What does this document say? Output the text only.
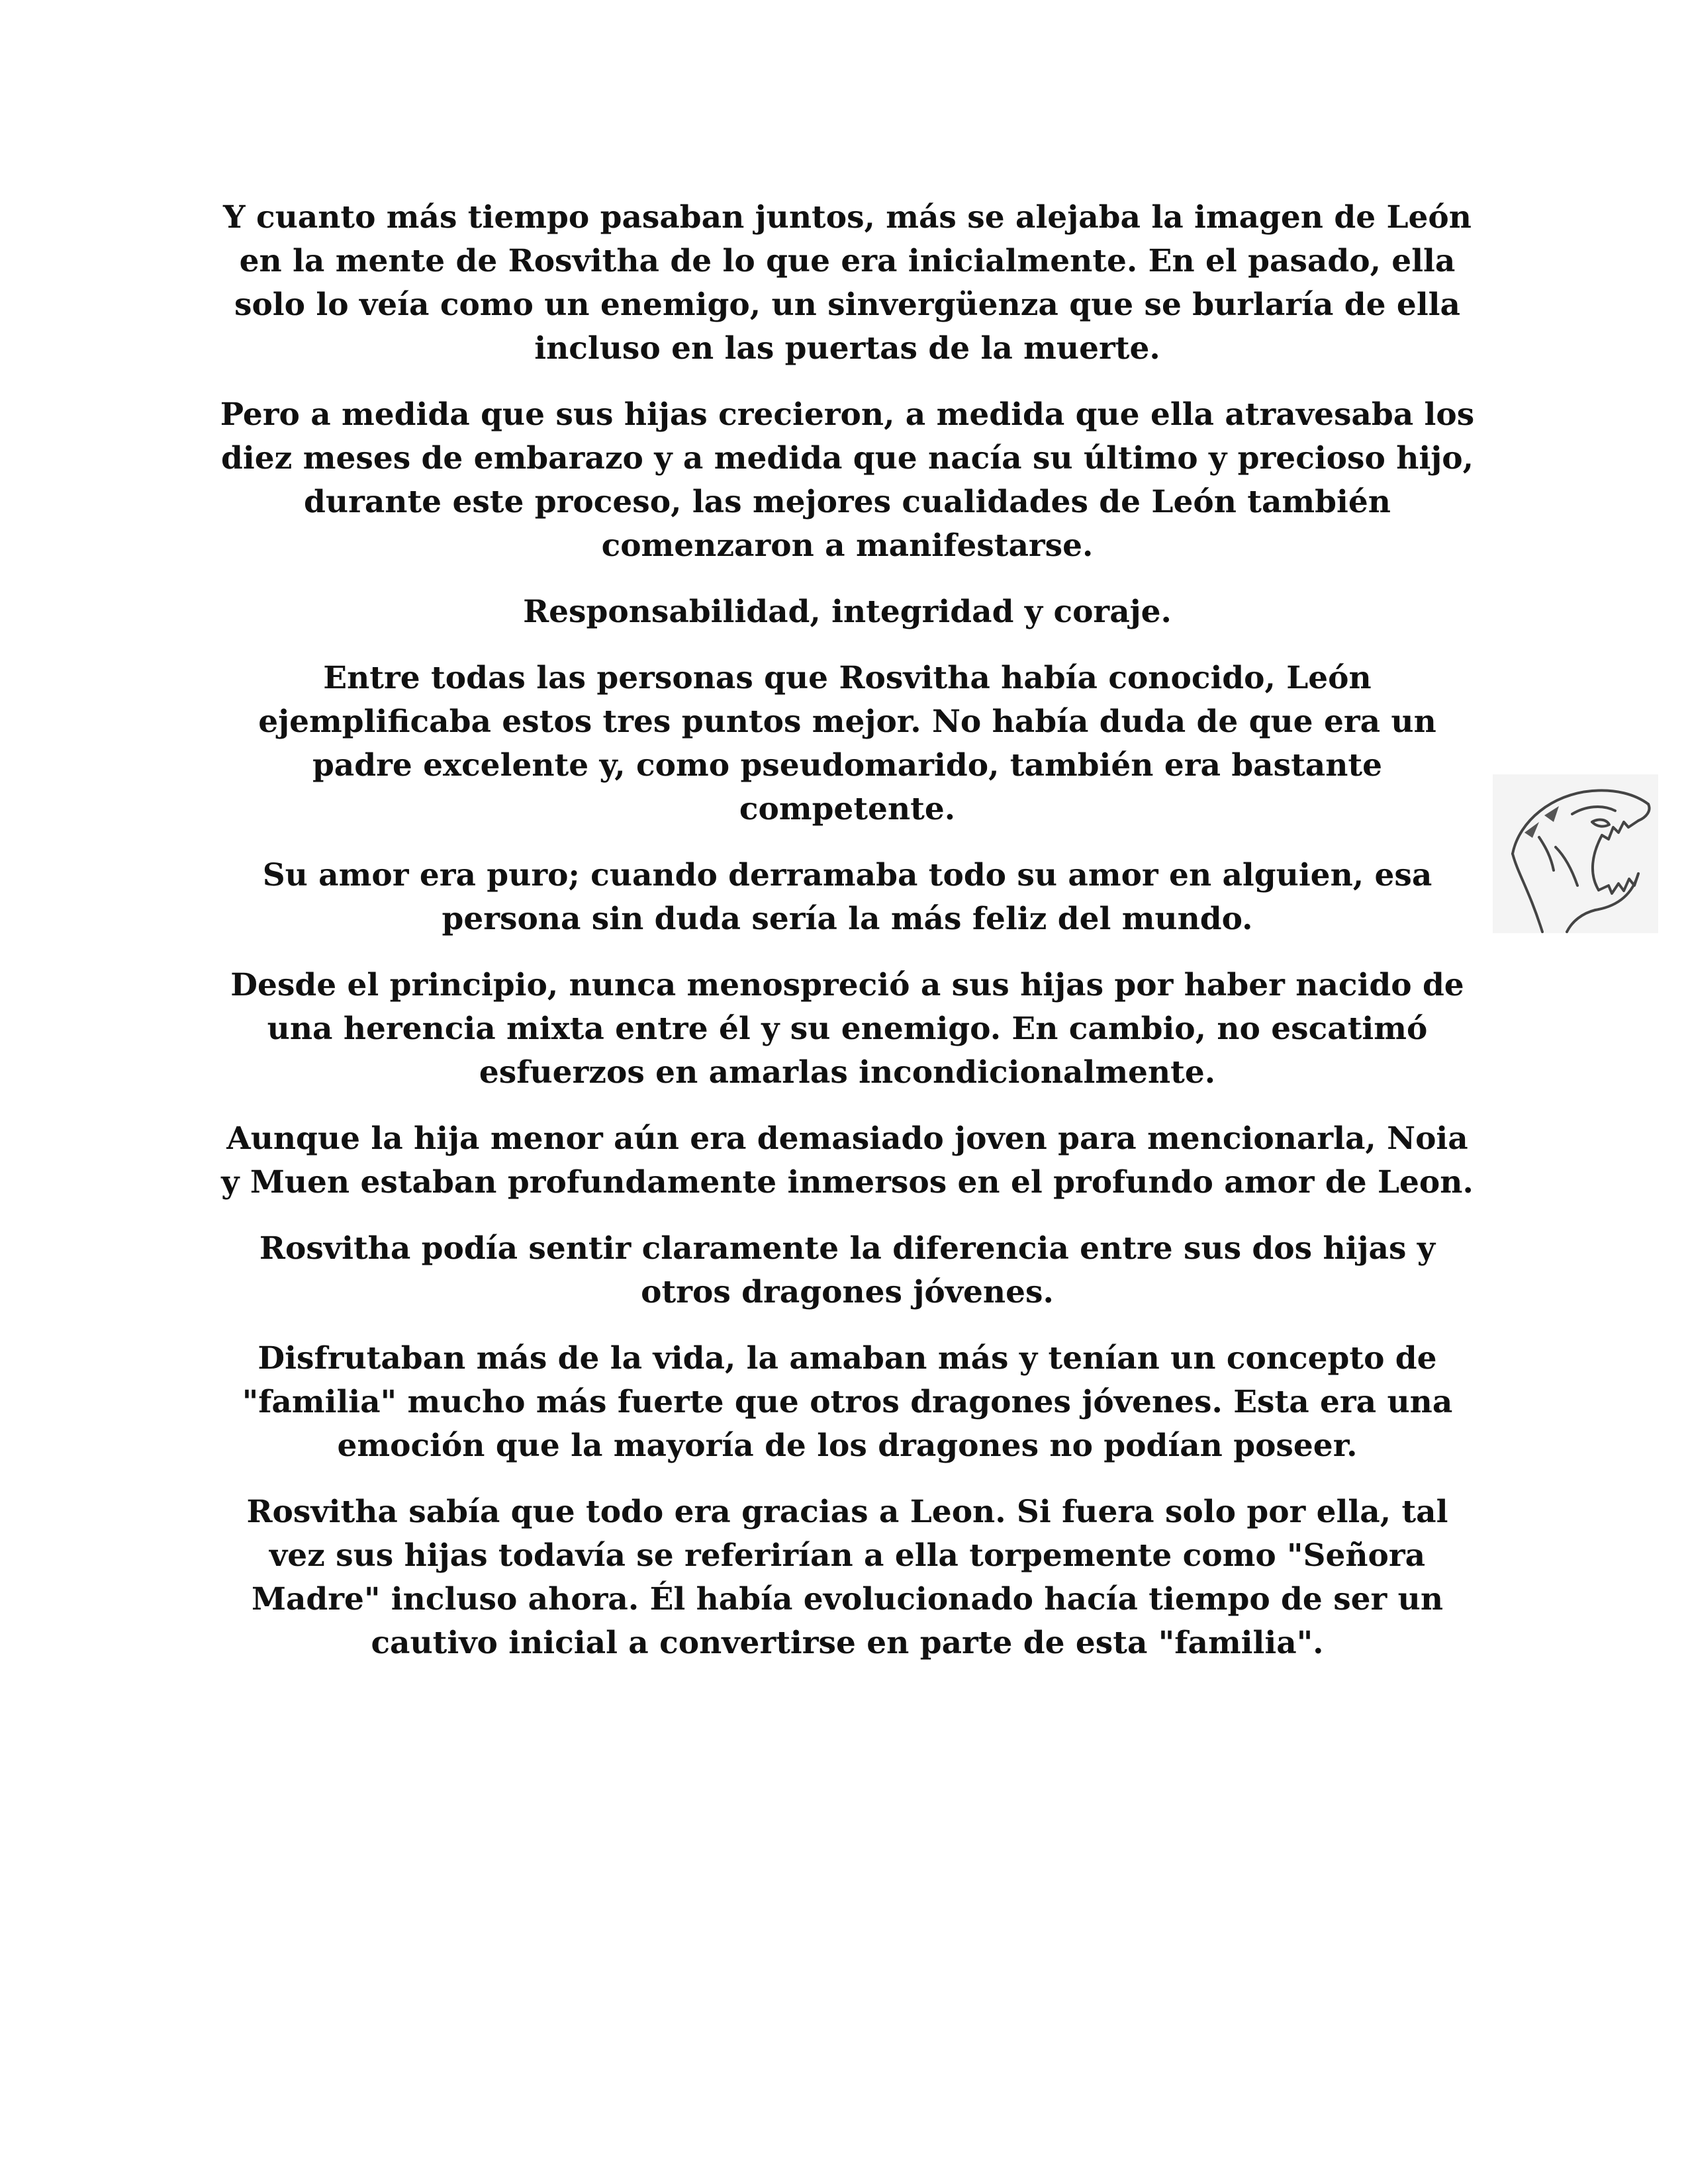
Y cuanto más tiempo pasaban juntos, más se alejaba la imagen de León en la mente de Rosvitha de lo que era inicialmente. En el pasado, ella solo lo veía como un enemigo, un sinvergüenza que se burlaría de ella incluso en las puertas de la muerte.

Pero a medida que sus hijas crecieron, a medida que ella atravesaba los diez meses de embarazo y a medida que nacía su último y precioso hijo, durante este proceso, las mejores cualidades de León también comenzaron a manifestarse.

Responsabilidad, integridad y coraje.

Entre todas las personas que Rosvitha había conocido, León ejemplificaba estos tres puntos mejor. No había duda de que era un padre excelente y, como pseudomarido, también era bastante competente.

Su amor era puro; cuando derramaba todo su amor en alguien, esa persona sin duda sería la más feliz del mundo.

Desde el principio, nunca menospreció a sus hijas por haber nacido de una herencia mixta entre él y su enemigo. En cambio, no escatimó esfuerzos en amarlas incondicionalmente.

Aunque la hija menor aún era demasiado joven para mencionarla, Noia y Muen estaban profundamente inmersos en el profundo amor de Leon.

Rosvitha podía sentir claramente la diferencia entre sus dos hijas y otros dragones jóvenes.

Disfrutaban más de la vida, la amaban más y tenían un concepto de "familia" mucho más fuerte que otros dragones jóvenes. Esta era una emoción que la mayoría de los dragones no podían poseer.

Rosvitha sabía que todo era gracias a Leon. Si fuera solo por ella, tal vez sus hijas todavía se referirían a ella torpemente como "Señora Madre" incluso ahora. Él había evolucionado hacía tiempo de ser un cautivo inicial a convertirse en parte de esta "familia".
